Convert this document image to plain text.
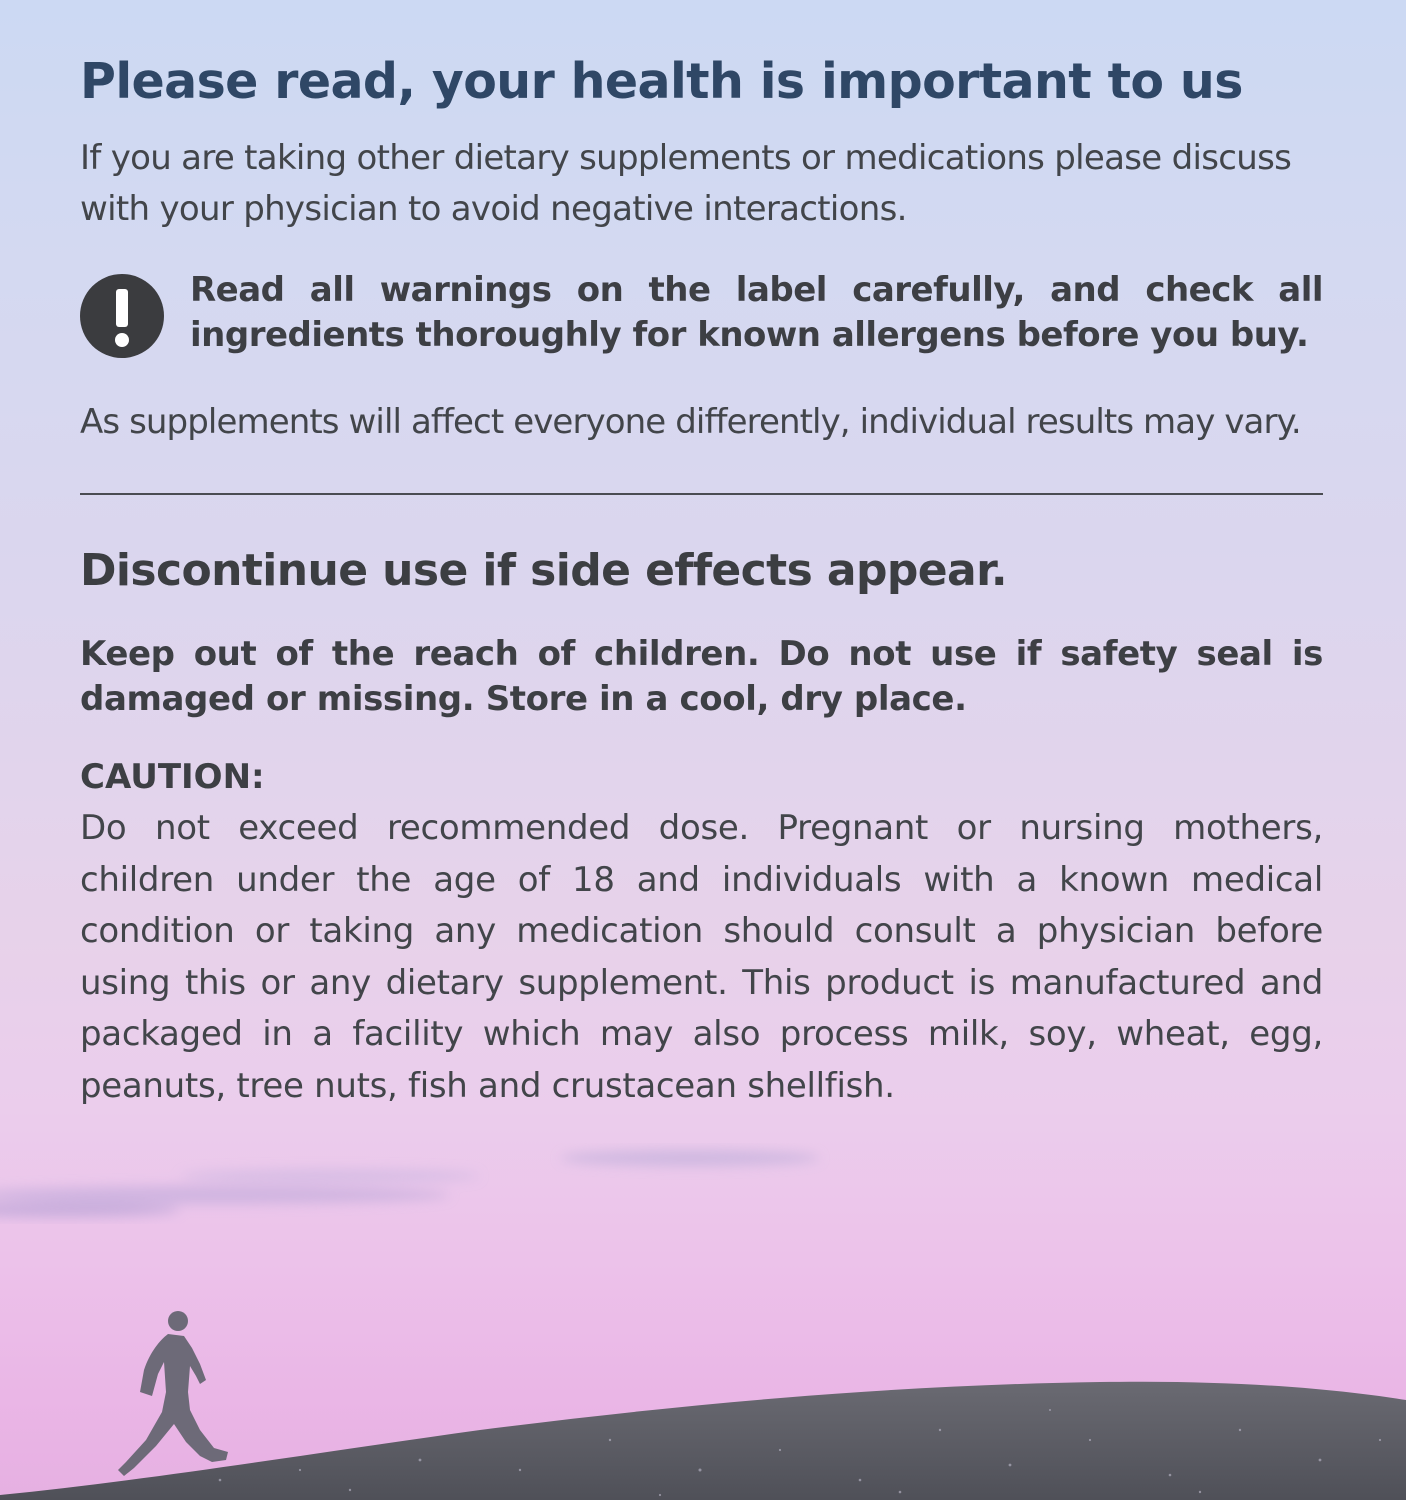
Please read, your health is important to us
If you are taking other dietary supplements or medications please discuss with your physician to avoid negative interactions.
Read all warnings on the label carefully, and check all ingredients thoroughly for known allergens before you buy.
As supplements will affect everyone differently, individual results may vary.
Discontinue use if side effects appear.
Keep out of the reach of children. Do not use if safety seal is damaged or missing. Store in a cool, dry place.
CAUTION:
Do not exceed recommended dose. Pregnant or nursing mothers, children under the age of 18 and individuals with a known medical condition or taking any medication should consult a physician before using this or any dietary supplement. This product is manufactured and packaged in a facility which may also process milk, soy, wheat, egg, peanuts, tree nuts, fish and crustacean shellfish.
